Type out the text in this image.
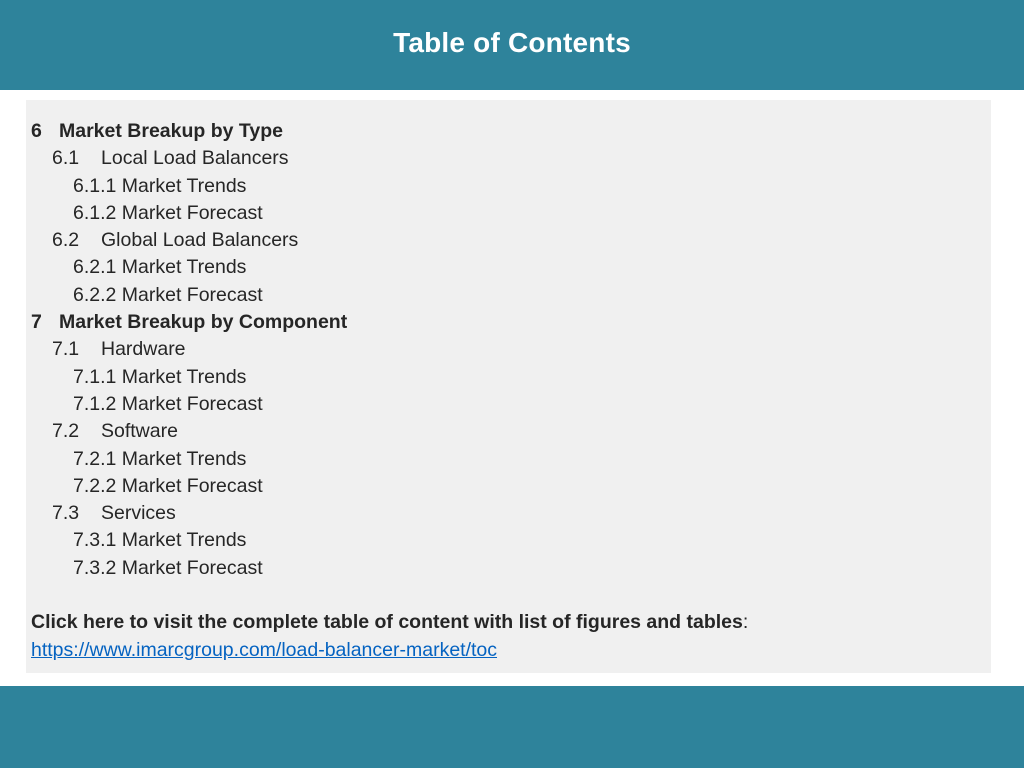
Table of Contents
6 Market Breakup by Type
6.1 Local Load Balancers
6.1.1 Market Trends
6.1.2 Market Forecast
6.2 Global Load Balancers
6.2.1 Market Trends
6.2.2 Market Forecast
7 Market Breakup by Component
7.1 Hardware
7.1.1 Market Trends
7.1.2 Market Forecast
7.2 Software
7.2.1 Market Trends
7.2.2 Market Forecast
7.3 Services
7.3.1 Market Trends
7.3.2 Market Forecast
Click here to visit the complete table of content with list of figures and tables:
https://www.imarcgroup.com/load-balancer-market/toc
